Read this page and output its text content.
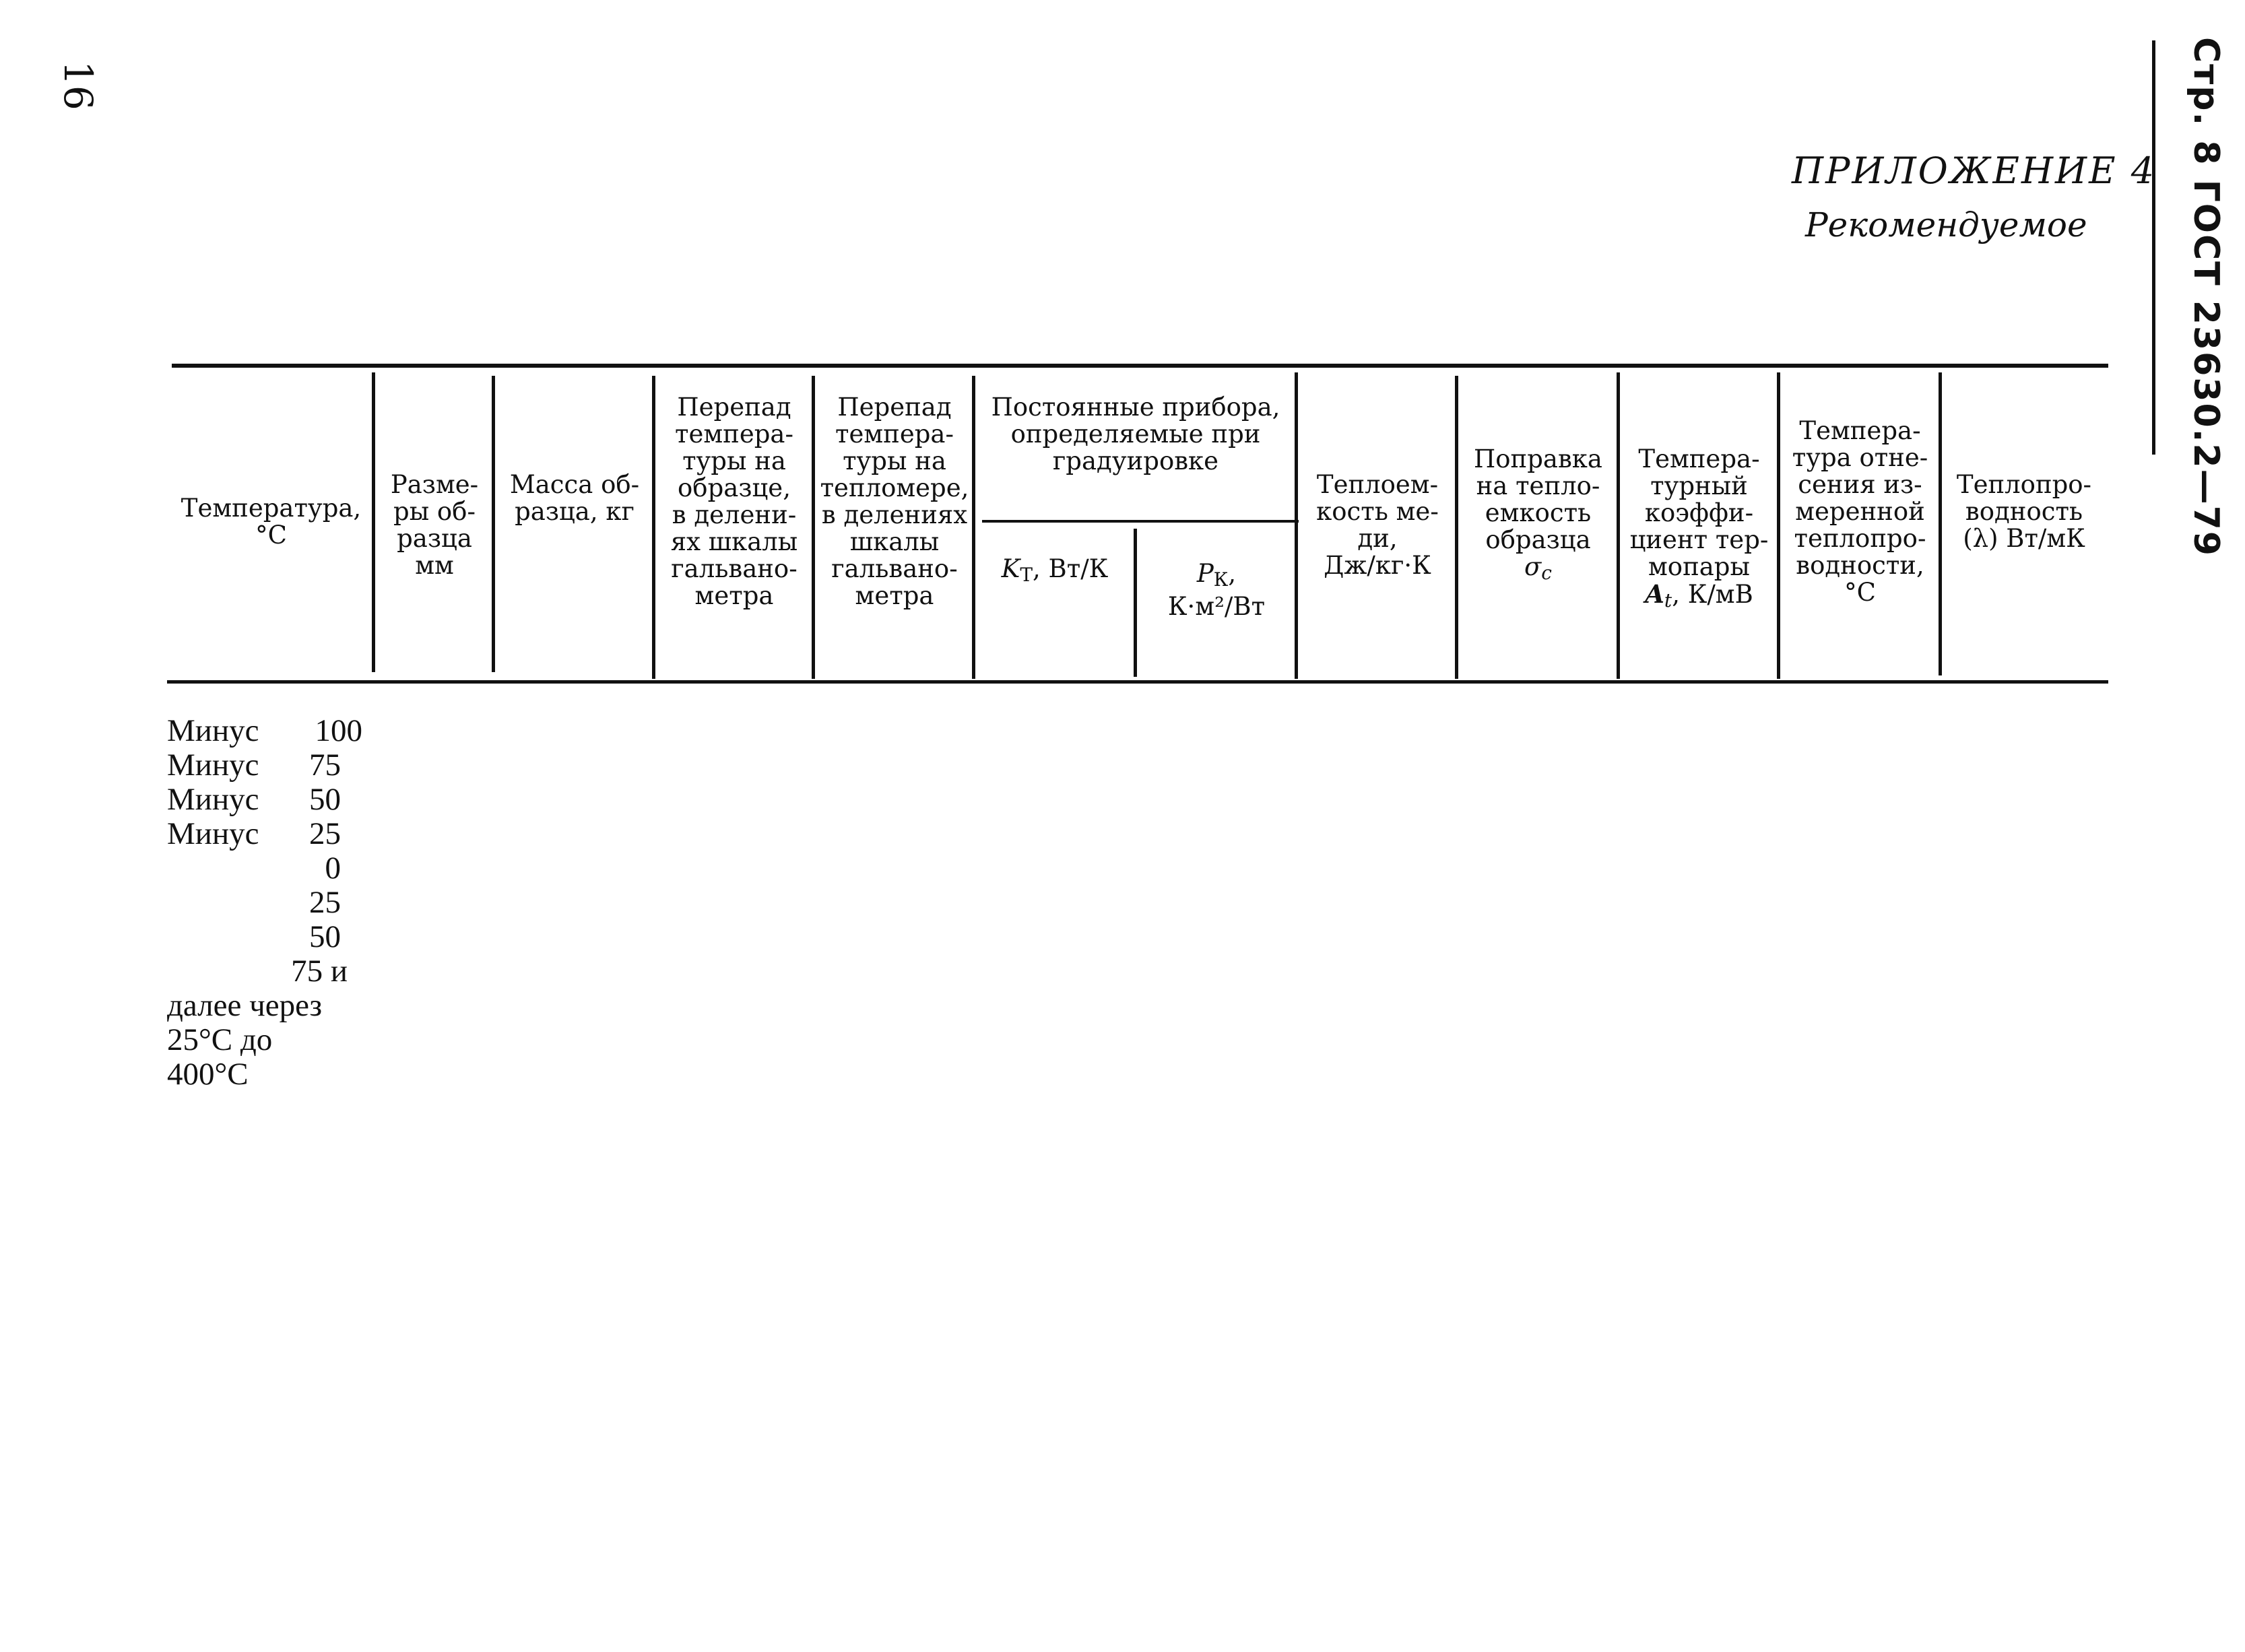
16	Стр. 8 ГОСТ 23630.2—79
ПРИЛОЖЕНИЕ 4
Рекомендуемое
Температура,
°С
Разме-
ры об-
разца
мм
Масса об-
разца, кг
Перепад
темпера-
туры на
образце,
в делени-
ях шкалы
гальвано-
метра
Перепад
темпера-
туры на
тепломере,
в делениях
шкалы
гальвано-
метра
Постоянные прибора,
определяемые при
градуировке
$K_T$, Вт/К	$P_К$,
К·м²/Вт
Теплоем-
кость ме-
ди,
Дж/кг·К
Поправка
на тепло-
емкость
образца
$\sigma_c$
Темпера-
турный
коэффи-
циент тер-
мопары
$A_t$, К/мВ
Темпера-
тура отне-
сения из-
меренной
теплопро-
водности,
°С
Теплопро-
водность
(λ) Вт/мК
Минус 100
Минус 75
Минус 50
Минус 25
0
25
50
75 и
далее через
25°С до
400°С
